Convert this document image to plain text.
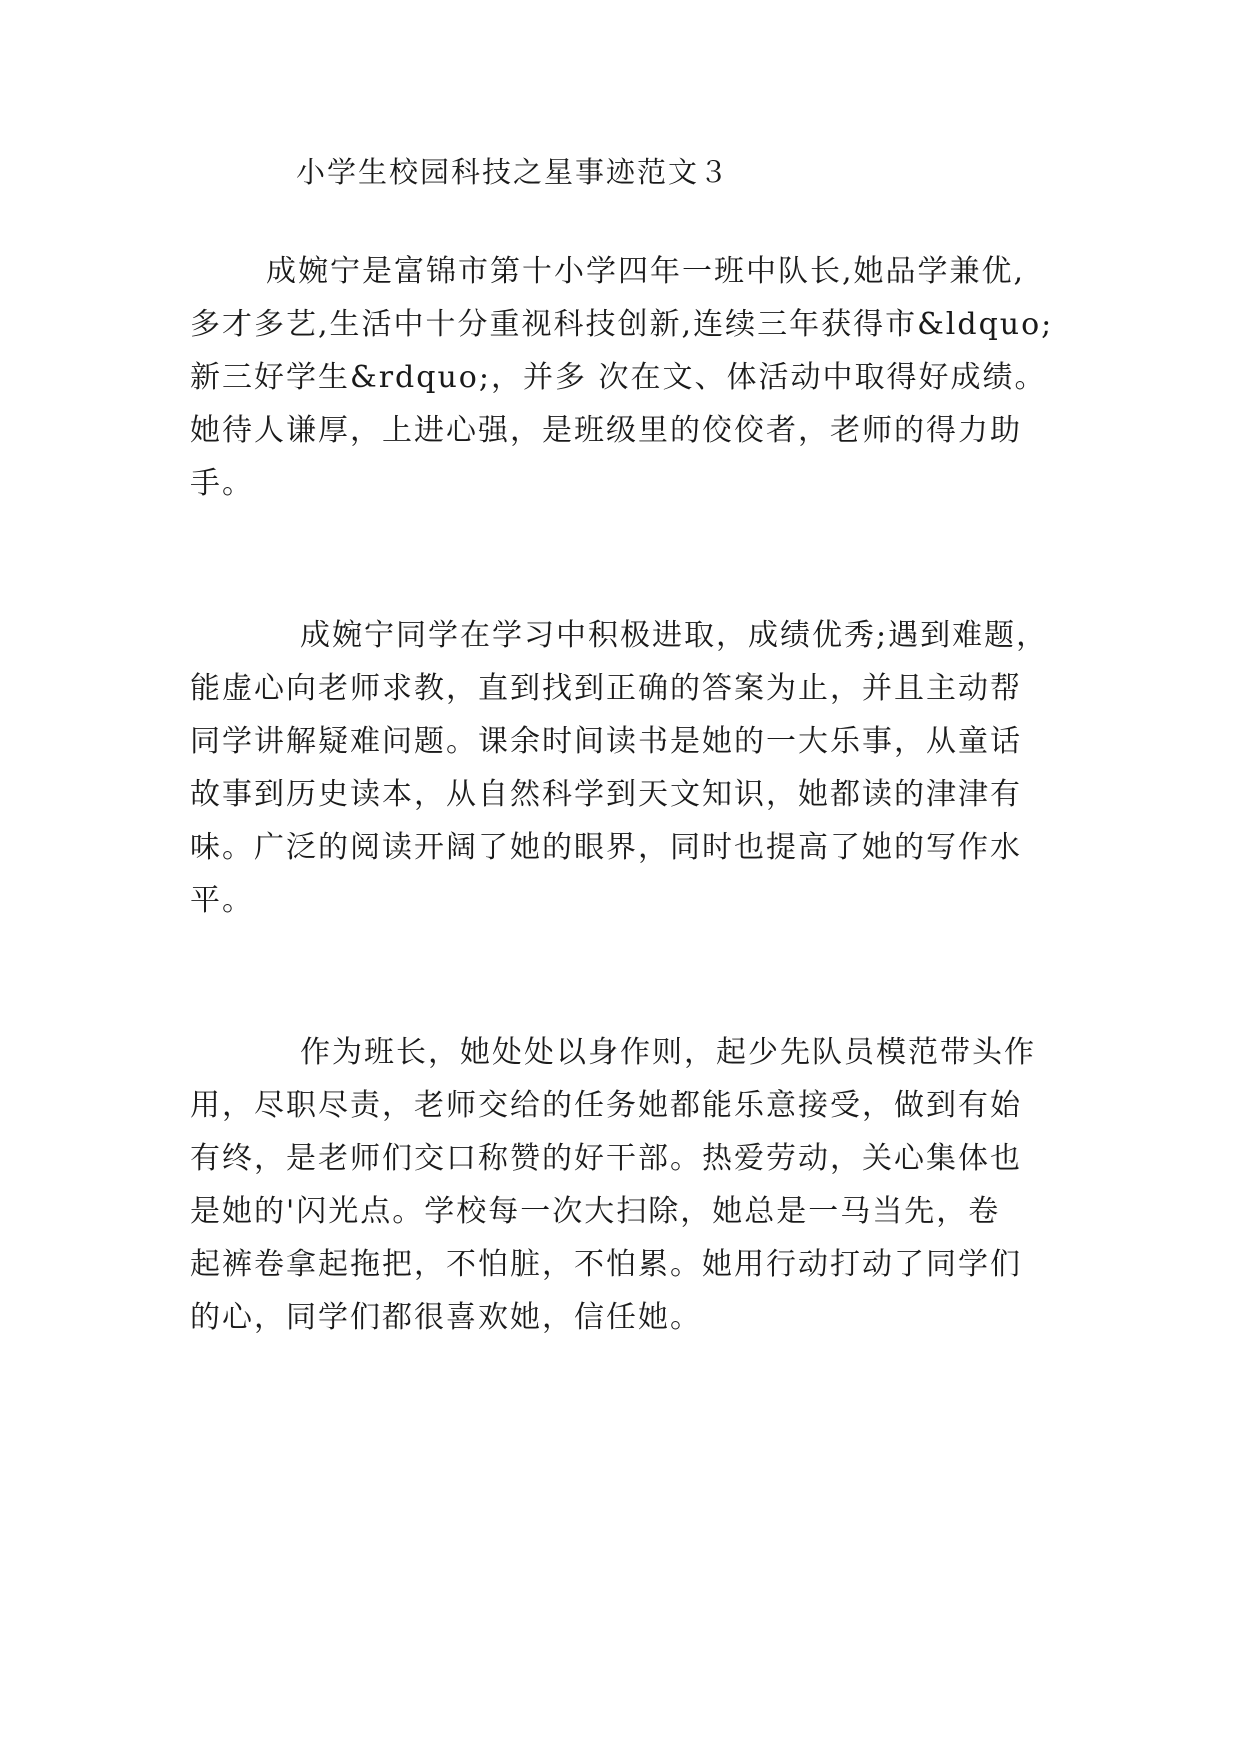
小学生校园科技之星事迹范文３
成婉宁是富锦市第十小学四年一班中队长,她品学兼优,
多才多艺,生活中十分重视科技创新,连续三年获得市&ldquo;
新三好学生&rdquo;，并多 次在文、体活动中取得好成绩。
她待人谦厚，上进心强，是班级里的佼佼者，老师的得力助
手。
成婉宁同学在学习中积极进取，成绩优秀;遇到难题，
能虚心向老师求教，直到找到正确的答案为止，并且主动帮
同学讲解疑难问题。课余时间读书是她的一大乐事，从童话
故事到历史读本，从自然科学到天文知识，她都读的津津有
味。广泛的阅读开阔了她的眼界，同时也提高了她的写作水
平。
作为班长，她处处以身作则，起少先队员模范带头作
用，尽职尽责，老师交给的任务她都能乐意接受，做到有始
有终，是老师们交口称赞的好干部。热爱劳动，关心集体也
是她的'闪光点。学校每一次大扫除，她总是一马当先，卷
起裤卷拿起拖把，不怕脏，不怕累。她用行动打动了同学们
的心，同学们都很喜欢她，信任她。
